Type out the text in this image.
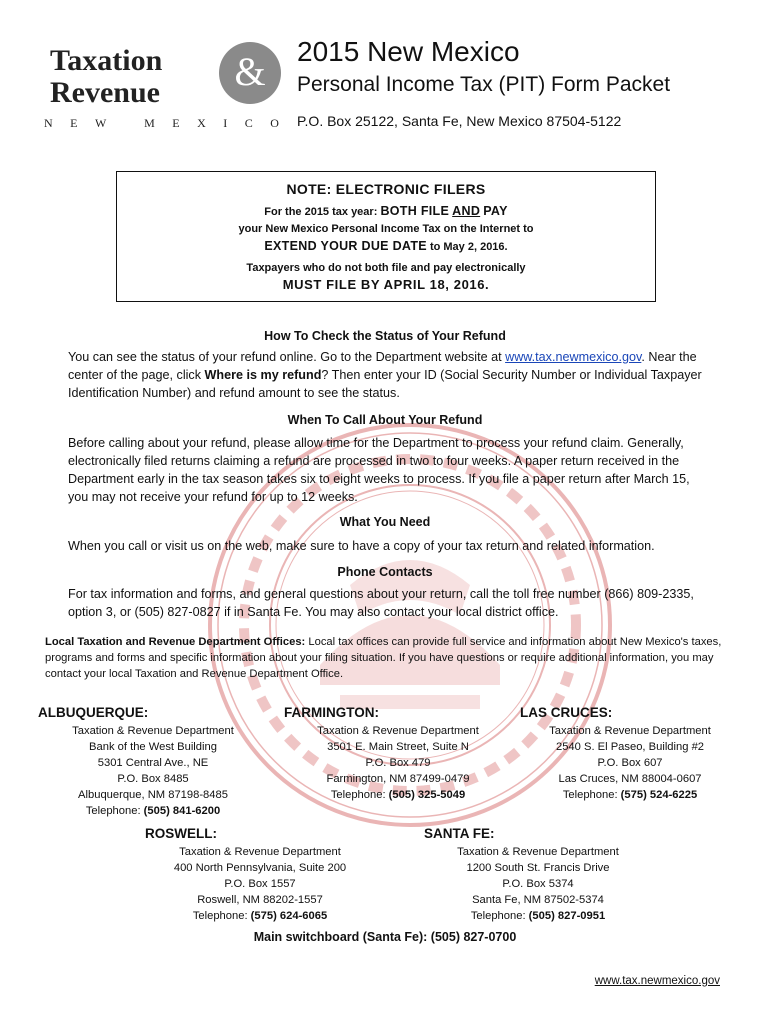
Taxation
Revenue	&
NEW MEXICO
2015 New Mexico
Personal Income Tax (PIT) Form Packet
P.O. Box 25122, Santa Fe, New Mexico 87504-5122
NOTE: ELECTRONIC FILERS
For the 2015 tax year: BOTH FILE AND PAY
your New Mexico Personal Income Tax on the Internet to
EXTEND YOUR DUE DATE to May 2, 2016.
Taxpayers who do not both file and pay electronically
MUST FILE BY APRIL 18, 2016.
How To Check the Status of Your Refund
You can see the status of your refund online. Go to the Department website at www.tax.newmexico.gov. Near the center of the page, click Where is my refund? Then enter your ID (Social Security Number or Individual Taxpayer Identification Number) and refund amount to see the status.
When To Call About Your Refund
Before calling about your refund, please allow time for the Department to process your refund claim. Generally, electronically filed returns claiming a refund are processed in two to four weeks. A paper return received in the Department early in the tax season takes six to eight weeks to process. If you file a paper return after March 15, you may not receive your refund for up to 12 weeks.
What You Need
When you call or visit us on the web, make sure to have a copy of your tax return and related information.
Phone Contacts
For tax information and forms, and general questions about your return, call the toll free number (866) 809-2335, option 3, or (505) 827-0827 if in Santa Fe. You may also contact your local district office.
Local Taxation and Revenue Department Offices: Local tax offices can provide full service and information about New Mexico's taxes, programs and forms and specific information about your filing situation. If you have questions or require additional information, you may contact your local Taxation and Revenue Department Office.
ALBUQUERQUE:
Taxation & Revenue Department
Bank of the West Building
5301 Central Ave., NE
P.O. Box 8485
Albuquerque, NM 87198-8485
Telephone: (505) 841-6200
FARMINGTON:
Taxation & Revenue Department
3501 E. Main Street, Suite N
P.O. Box 479
Farmington, NM 87499-0479
Telephone: (505) 325-5049
LAS CRUCES:
Taxation & Revenue Department
2540 S. El Paseo, Building #2
P.O. Box 607
Las Cruces, NM 88004-0607
Telephone: (575) 524-6225
ROSWELL:
Taxation & Revenue Department
400 North Pennsylvania, Suite 200
P.O. Box 1557
Roswell, NM 88202-1557
Telephone: (575) 624-6065
SANTA FE:
Taxation & Revenue Department
1200 South St. Francis Drive
P.O. Box 5374
Santa Fe, NM 87502-5374
Telephone: (505) 827-0951
Main switchboard (Santa Fe): (505) 827-0700
www.tax.newmexico.gov
